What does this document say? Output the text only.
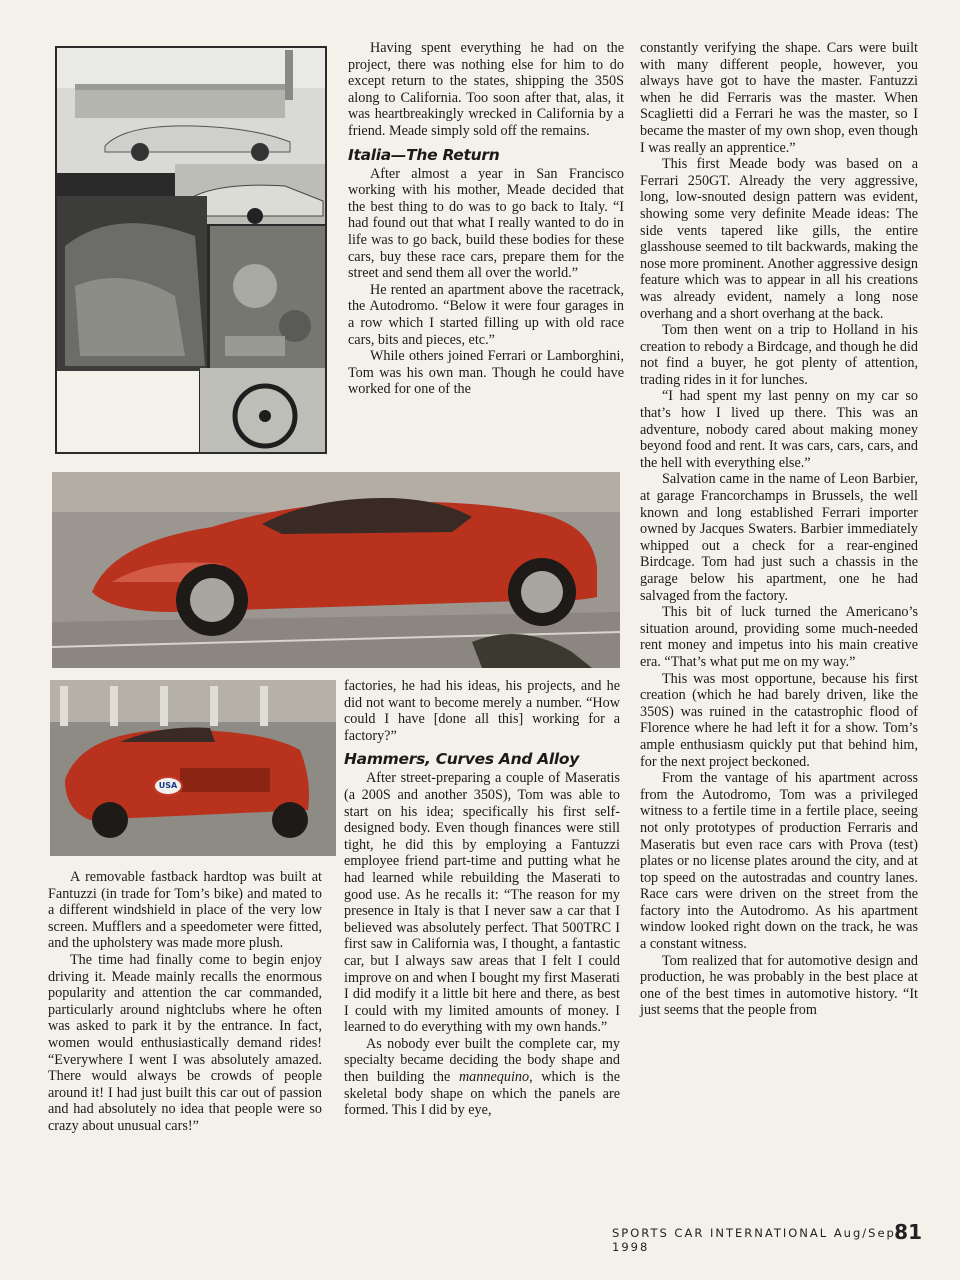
USA

A removable fastback hardtop was built at Fantuzzi (in trade for Tom’s bike) and mated to a different windshield in place of the very low screen. Mufflers and a speedometer were fitted, and the upholstery was made more plush.

The time had finally come to begin enjoy driving it. Meade mainly recalls the enormous popularity and attention the car commanded, particularly around nightclubs where he often was asked to park it by the entrance. In fact, women would enthusiastically demand rides! “Everywhere I went I was absolutely amazed. There would always be crowds of people around it! I had just built this car out of passion and had absolutely no idea that people were so crazy about unusual cars!”

Having spent everything he had on the project, there was nothing else for him to do except return to the states, shipping the 350S along to California. Too soon after that, alas, it was heartbreakingly wrecked in California by a friend. Meade simply sold off the remains.

Italia—The Return

After almost a year in San Francisco working with his mother, Meade decided that the best thing to do was to go back to Italy. “I had found out that what I really wanted to do in life was to go back, build these bodies for these cars, buy these race cars, prepare them for the street and send them all over the world.”

He rented an apartment above the racetrack, the Autodromo. “Below it were four garages in a row which I started filling up with old race cars, bits and pieces, etc.”

While others joined Ferrari or Lamborghini, Tom was his own man. Though he could have worked for one of the

factories, he had his ideas, his projects, and he did not want to become merely a number. “How could I have [done all this] working for a factory?”

Hammers, Curves And Alloy

After street-preparing a couple of Maseratis (a 200S and another 350S), Tom was able to start on his idea; specifically his first self-designed body. Even though finances were still tight, he did this by employing a Fantuzzi employee friend part-time and putting what he had learned while rebuilding the Maserati to good use. As he recalls it: “The reason for my presence in Italy is that I never saw a car that I believed was absolutely perfect. That 500TRC I first saw in California was, I thought, a fantastic car, but I always saw areas that I felt I could improve on and when I bought my first Maserati I did modify it a little bit here and there, as best I could with my limited amounts of money. I learned to do everything with my own hands.”

As nobody ever built the complete car, my specialty became deciding the body shape and then building the mannequino, which is the skeletal body shape on which the panels are formed. This I did by eye,

constantly verifying the shape. Cars were built with many different people, however, you always have got to have the master. Fantuzzi when he did Ferraris was the master. When Scaglietti did a Ferrari he was the master, so I became the master of my own shop, even though I was really an apprentice.”

This first Meade body was based on a Ferrari 250GT. Already the very aggressive, long, low-snouted design pattern was evident, showing some very definite Meade ideas: The side vents tapered like gills, the entire glasshouse seemed to tilt backwards, making the nose more prominent. Another aggressive design feature which was to appear in all his creations was already evident, namely a long nose overhang and a short overhang at the back.

Tom then went on a trip to Holland in his creation to rebody a Birdcage, and though he did not find a buyer, he got plenty of attention, trading rides in it for lunches.

“I had spent my last penny on my car so that’s how I lived up there. This was an adventure, nobody cared about making money beyond food and rent. It was cars, cars, cars, and the hell with everything else.”

Salvation came in the name of Leon Barbier, at garage Francorchamps in Brussels, the well known and long established Ferrari importer owned by Jacques Swaters. Barbier immediately whipped out a check for a rear-engined Birdcage. Tom had just such a chassis in the garage below his apartment, one he had salvaged from the factory.

This bit of luck turned the Americano’s situation around, providing some much-needed rent money and impetus into his main creative era. “That’s what put me on my way.”

This was most opportune, because his first creation (which he had barely driven, like the 350S) was ruined in the catastrophic flood of Florence where he had left it for a show. Tom’s ample enthusiasm quickly put that behind him, for the next project beckoned.

From the vantage of his apartment across from the Autodromo, Tom was a privileged witness to a fertile time in a fertile place, seeing not only prototypes of production Ferraris and Maseratis but even race cars with Prova (test) plates or no license plates around the city, and at top speed on the autostradas and country lanes. Race cars were driven on the street from the factory into the Autodromo. As his apartment window looked right down on the track, he was a constant witness.

Tom realized that for automotive design and production, he was probably in the best place at one of the best times in automotive history. “It just seems that the people from

SPORTS CAR INTERNATIONAL Aug/Sept 1998
81
